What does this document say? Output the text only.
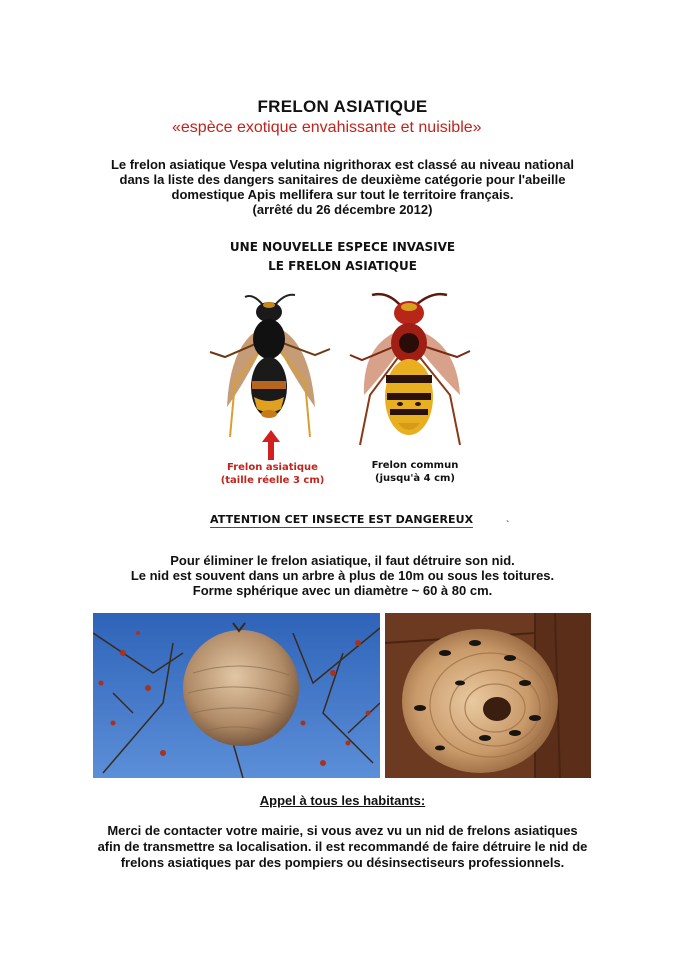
FRELON ASIATIQUE
«espèce exotique envahissante et nuisible»
Le frelon asiatique Vespa velutina nigrithorax est classé au niveau national
dans la liste des dangers sanitaires de deuxième catégorie pour l'abeille
domestique Apis mellifera sur tout le territoire français.
(arrêté du 26 décembre 2012)
UNE NOUVELLE ESPECE INVASIVE
LE FRELON ASIATIQUE
Frelon asiatique
(taille réelle 3 cm)
Frelon commun
(jusqu'à 4 cm)
ATTENTION CET INSECTE EST DANGEREUX	`
Pour éliminer le frelon asiatique, il faut détruire son nid.
Le nid est souvent dans un arbre à plus de 10m ou sous les toitures.
Forme sphérique avec un diamètre ~ 60 à 80 cm.
Appel à tous les habitants:
Merci de contacter votre mairie, si vous avez vu un nid de frelons asiatiques
afin de transmettre sa localisation. il est recommandé de faire détruire le nid de
frelons asiatiques par des pompiers ou désinsectiseurs professionnels.
